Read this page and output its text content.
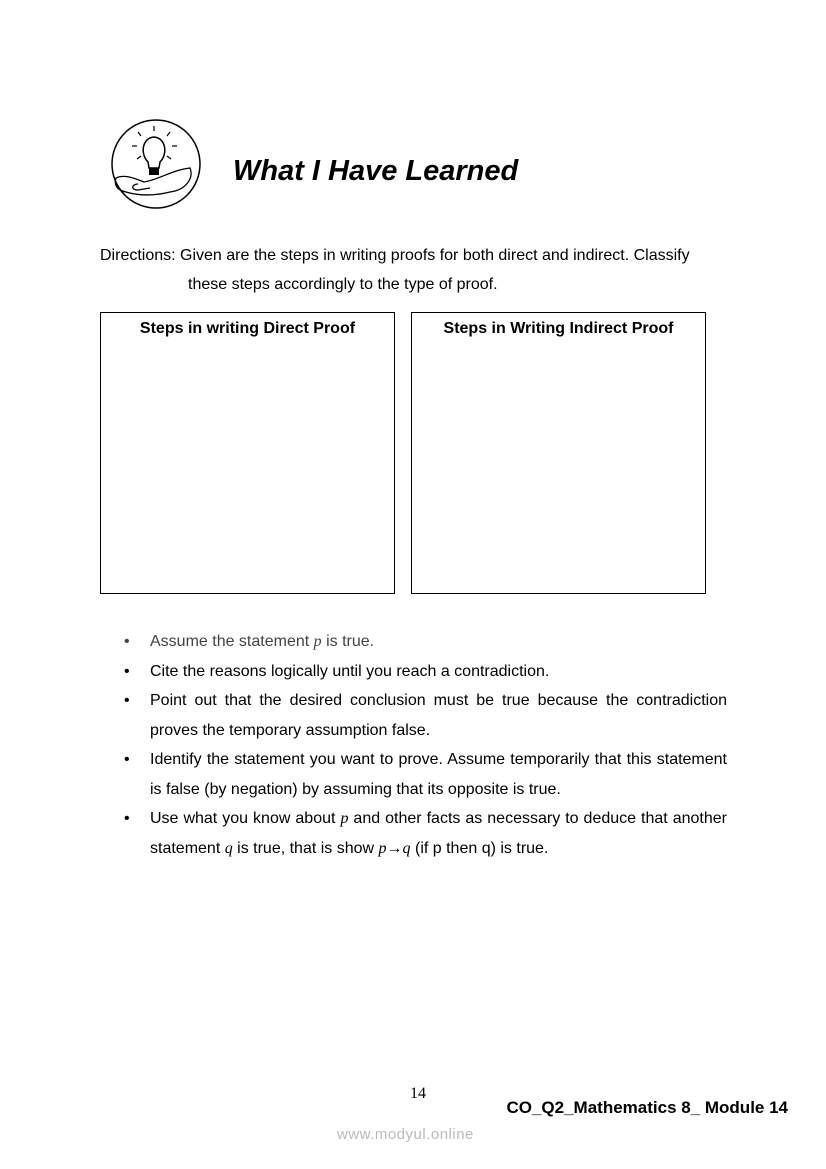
What I Have Learned
Directions: Given are the steps in writing proofs for both direct and indirect. Classify
these steps accordingly to the type of proof.
Steps in writing Direct Proof	Steps in Writing Indirect Proof
• Assume the statement p is true.
• Cite the reasons logically until you reach a contradiction.
• Point out that the desired conclusion must be true because the contradiction proves the temporary assumption false.
• Identify the statement you want to prove. Assume temporarily that this statement is false (by negation) by assuming that its opposite is true.
• Use what you know about p and other facts as necessary to deduce that another statement q is true, that is show p→q (if p then q) is true.
14
CO_Q2_Mathematics 8_ Module 14
www.modyul.online
